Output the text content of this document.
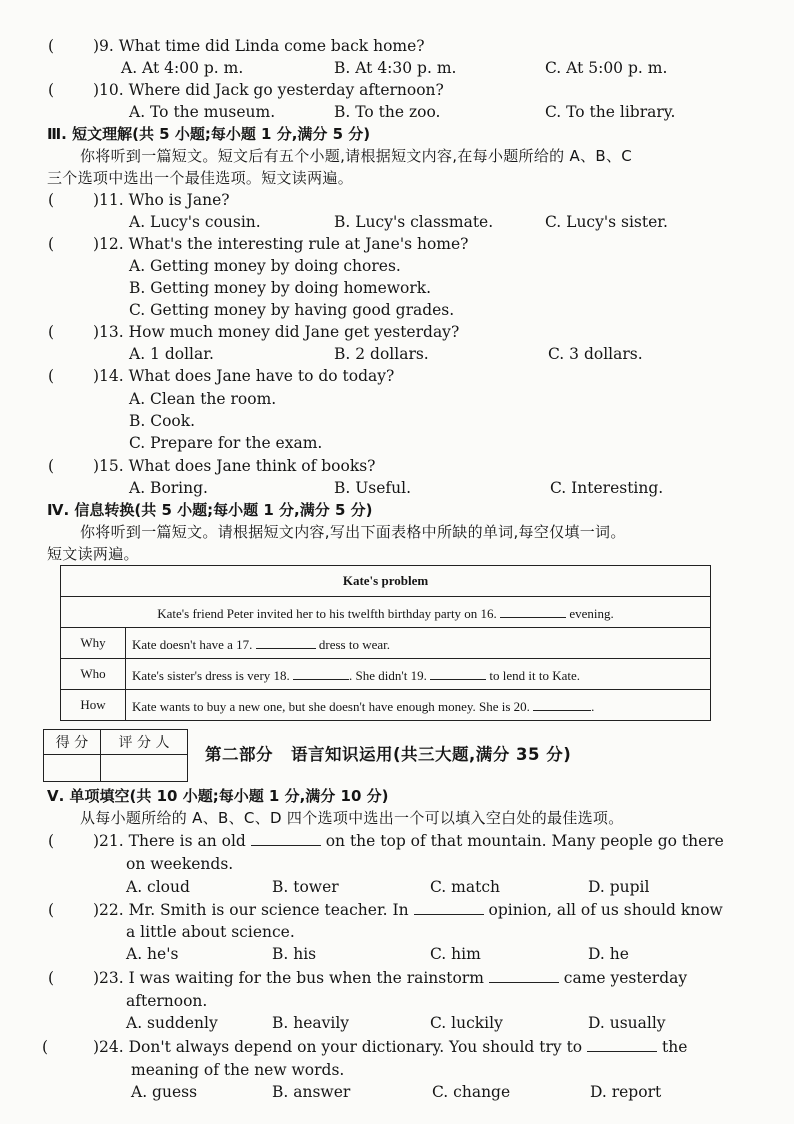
(	)9. What time did Linda come back home?
A. At 4:00 p. m.	B. At 4:30 p. m.	C. At 5:00 p. m.
(	)10. Where did Jack go yesterday afternoon?
A. To the museum.	B. To the zoo.	C. To the library.
Ⅲ. 短文理解(共 5 小题;每小题 1 分,满分 5 分)
你将听到一篇短文。短文后有五个小题,请根据短文内容,在每小题所给的 A、B、C
三个选项中选出一个最佳选项。短文读两遍。
(	)11. Who is Jane?
A. Lucy's cousin.	B. Lucy's classmate.	C. Lucy's sister.
(	)12. What's the interesting rule at Jane's home?
A. Getting money by doing chores.
B. Getting money by doing homework.
C. Getting money by having good grades.
(	)13. How much money did Jane get yesterday?
A. 1 dollar.	B. 2 dollars.	C. 3 dollars.
(	)14. What does Jane have to do today?
A. Clean the room.
B. Cook.
C. Prepare for the exam.
(	)15. What does Jane think of books?
A. Boring.	B. Useful.	C. Interesting.
Ⅳ. 信息转换(共 5 小题;每小题 1 分,满分 5 分)
你将听到一篇短文。请根据短文内容,写出下面表格中所缺的单词,每空仅填一词。
短文读两遍。
Kate's problem	
Kate's friend Peter invited her to his twelfth birthday party on 16. evening.	
Why	Kate doesn't have a 17. dress to wear.
Who	Kate's sister's dress is very 18. . She didn't 19. to lend it to Kate.
How	Kate wants to buy a new one, but she doesn't have enough money. She is 20. .
得 分	评 分 人

第二部分 语言知识运用(共三大题,满分 35 分)
Ⅴ. 单项填空(共 10 小题;每小题 1 分,满分 10 分)
从每小题所给的 A、B、C、D 四个选项中选出一个可以填入空白处的最佳选项。
(	)21. There is an old	on the top of that mountain. Many people go there
on weekends.
A. cloud	B. tower	C. match	D. pupil
(	)22. Mr. Smith is our science teacher. In	opinion, all of us should know
a little about science.
A. he's	B. his	C. him	D. he
(	)23. I was waiting for the bus when the rainstorm	came yesterday
afternoon.
A. suddenly	B. heavily	C. luckily	D. usually
(	)24. Don't always depend on your dictionary. You should try to	the
meaning of the new words.
A. guess	B. answer	C. change	D. report
